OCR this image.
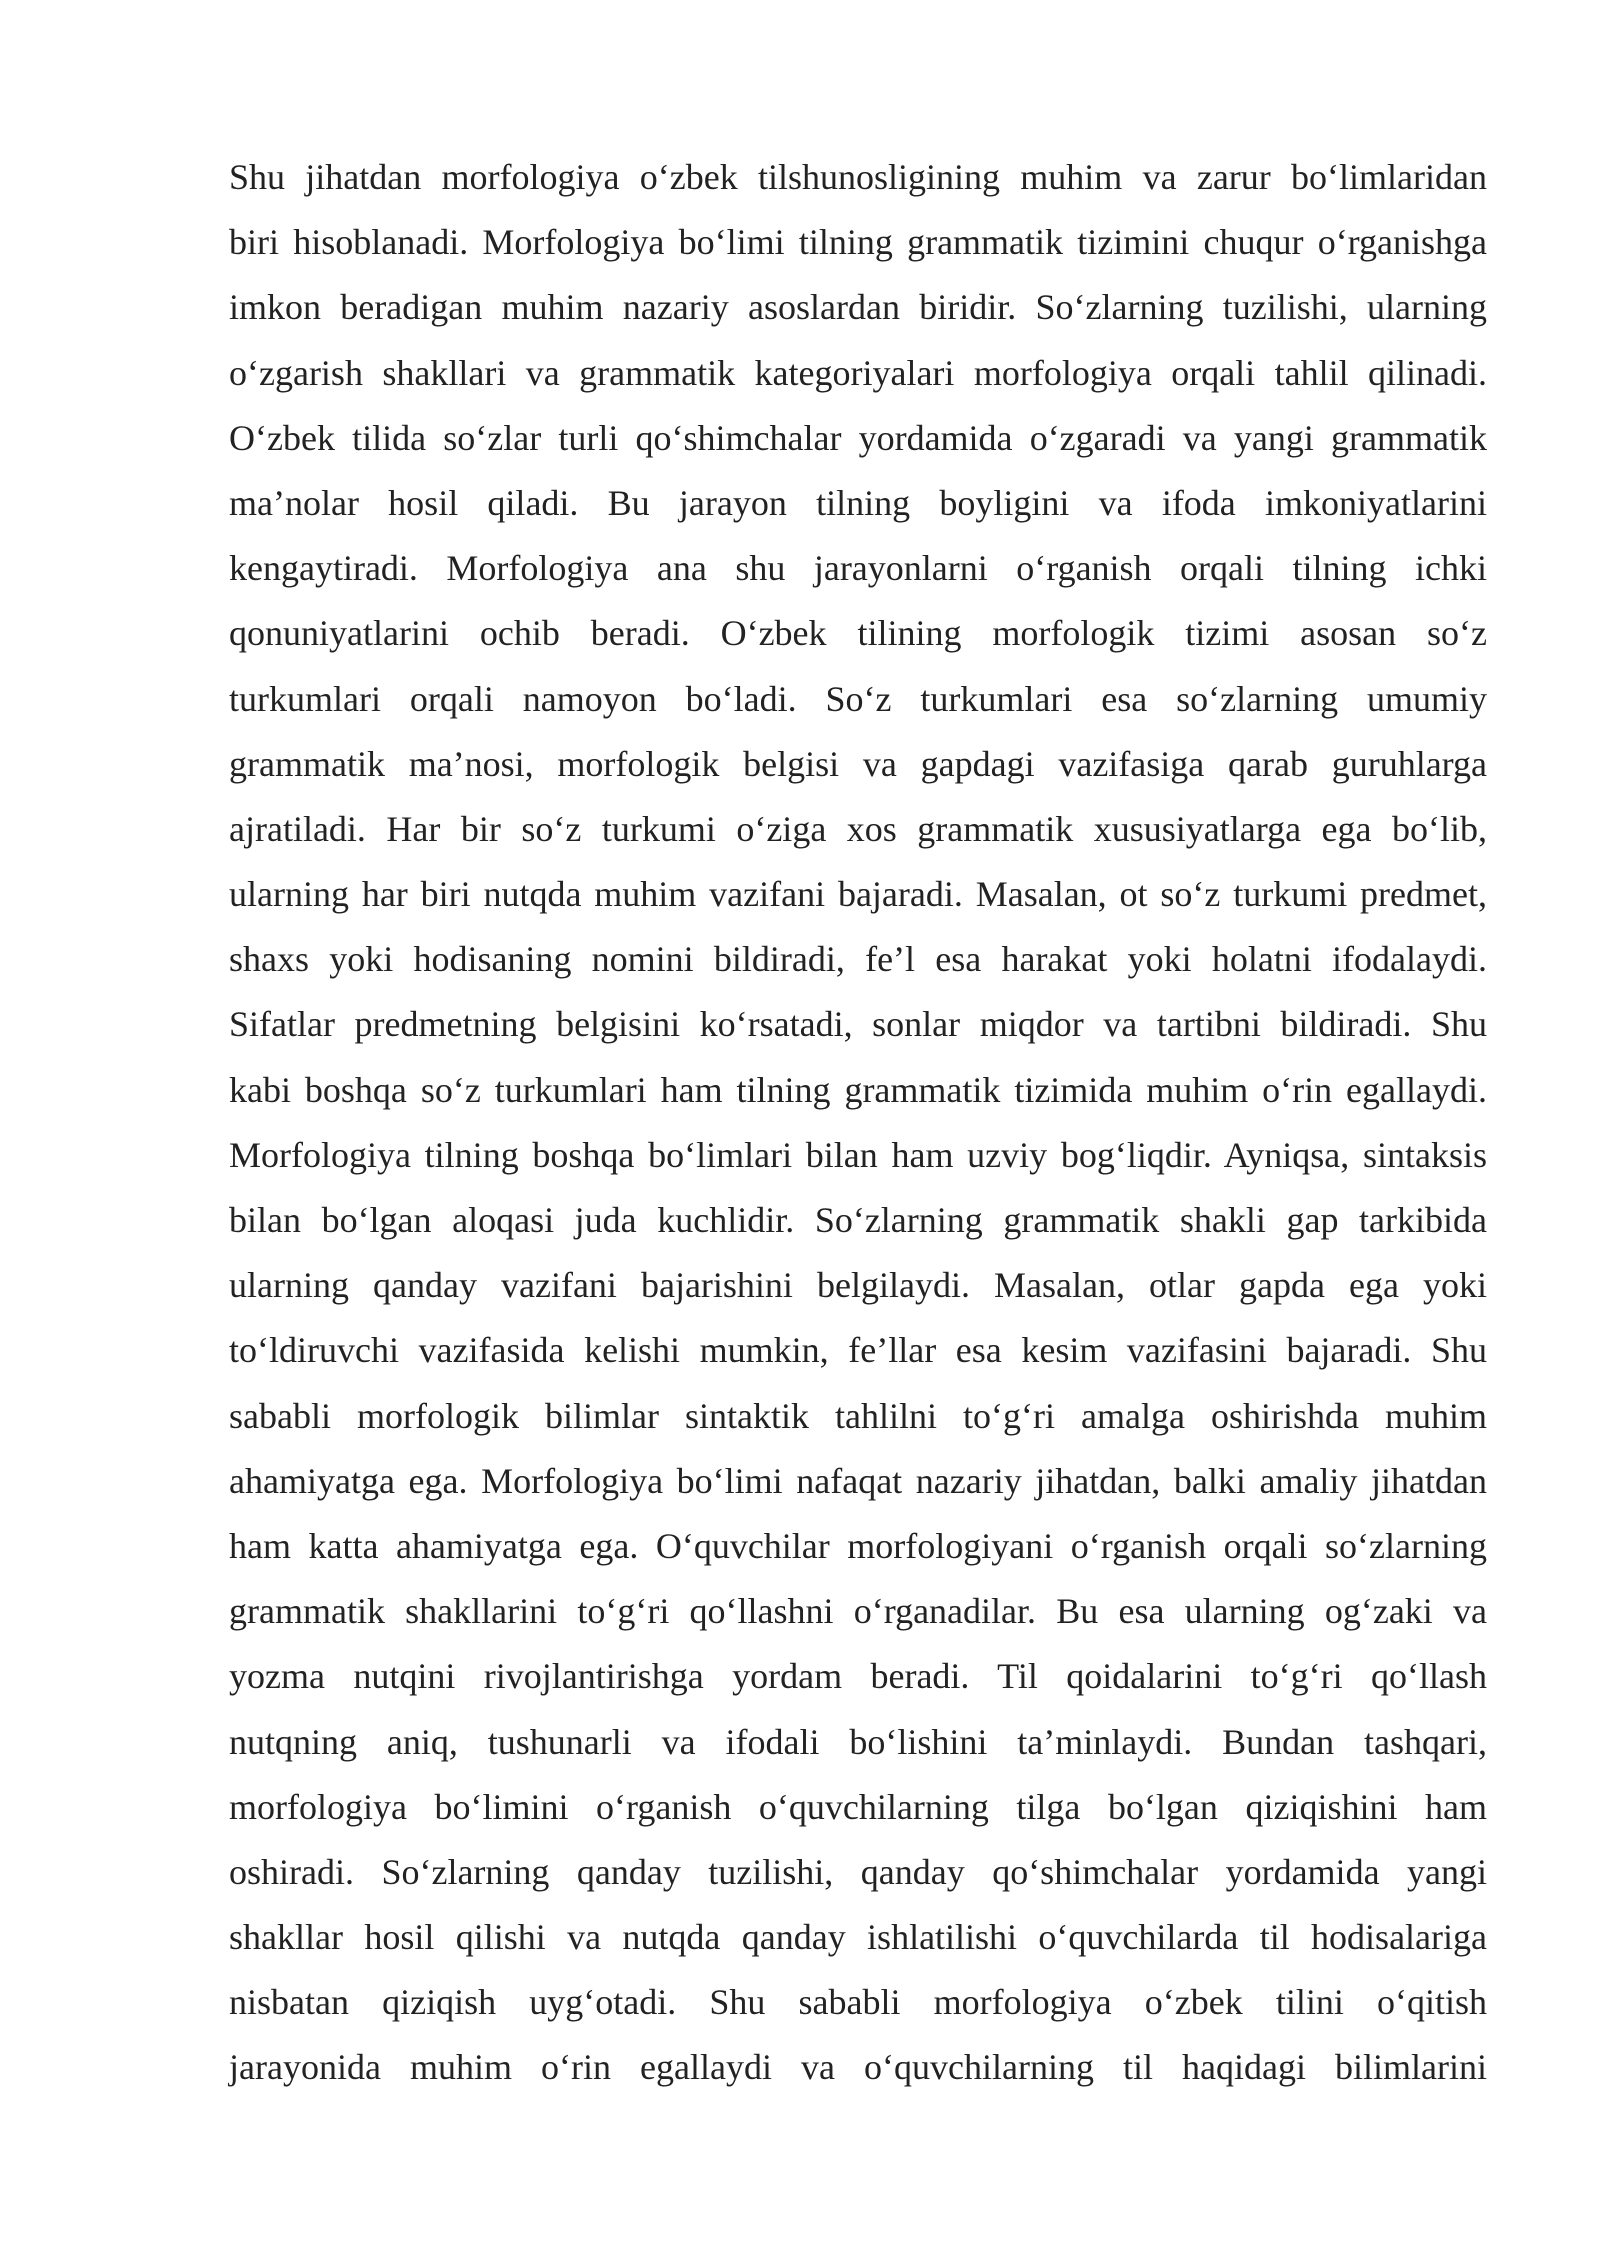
Shu jihatdan morfologiya o‘zbek tilshunosligining muhim va zarur bo‘limlaridan
biri hisoblanadi. Morfologiya bo‘limi tilning grammatik tizimini chuqur o‘rganishga
imkon beradigan muhim nazariy asoslardan biridir. So‘zlarning tuzilishi, ularning
o‘zgarish shakllari va grammatik kategoriyalari morfologiya orqali tahlil qilinadi.
O‘zbek tilida so‘zlar turli qo‘shimchalar yordamida o‘zgaradi va yangi grammatik
ma’nolar hosil qiladi. Bu jarayon tilning boyligini va ifoda imkoniyatlarini
kengaytiradi. Morfologiya ana shu jarayonlarni o‘rganish orqali tilning ichki
qonuniyatlarini ochib beradi. O‘zbek tilining morfologik tizimi asosan so‘z
turkumlari orqali namoyon bo‘ladi. So‘z turkumlari esa so‘zlarning umumiy
grammatik ma’nosi, morfologik belgisi va gapdagi vazifasiga qarab guruhlarga
ajratiladi. Har bir so‘z turkumi o‘ziga xos grammatik xususiyatlarga ega bo‘lib,
ularning har biri nutqda muhim vazifani bajaradi. Masalan, ot so‘z turkumi predmet,
shaxs yoki hodisaning nomini bildiradi, fe’l esa harakat yoki holatni ifodalaydi.
Sifatlar predmetning belgisini ko‘rsatadi, sonlar miqdor va tartibni bildiradi. Shu
kabi boshqa so‘z turkumlari ham tilning grammatik tizimida muhim o‘rin egallaydi.
Morfologiya tilning boshqa bo‘limlari bilan ham uzviy bog‘liqdir. Ayniqsa, sintaksis
bilan bo‘lgan aloqasi juda kuchlidir. So‘zlarning grammatik shakli gap tarkibida
ularning qanday vazifani bajarishini belgilaydi. Masalan, otlar gapda ega yoki
to‘ldiruvchi vazifasida kelishi mumkin, fe’llar esa kesim vazifasini bajaradi. Shu
sababli morfologik bilimlar sintaktik tahlilni to‘g‘ri amalga oshirishda muhim
ahamiyatga ega. Morfologiya bo‘limi nafaqat nazariy jihatdan, balki amaliy jihatdan
ham katta ahamiyatga ega. O‘quvchilar morfologiyani o‘rganish orqali so‘zlarning
grammatik shakllarini to‘g‘ri qo‘llashni o‘rganadilar. Bu esa ularning og‘zaki va
yozma nutqini rivojlantirishga yordam beradi. Til qoidalarini to‘g‘ri qo‘llash
nutqning aniq, tushunarli va ifodali bo‘lishini ta’minlaydi. Bundan tashqari,
morfologiya bo‘limini o‘rganish o‘quvchilarning tilga bo‘lgan qiziqishini ham
oshiradi. So‘zlarning qanday tuzilishi, qanday qo‘shimchalar yordamida yangi
shakllar hosil qilishi va nutqda qanday ishlatilishi o‘quvchilarda til hodisalariga
nisbatan qiziqish uyg‘otadi. Shu sababli morfologiya o‘zbek tilini o‘qitish
jarayonida muhim o‘rin egallaydi va o‘quvchilarning til haqidagi bilimlarini
